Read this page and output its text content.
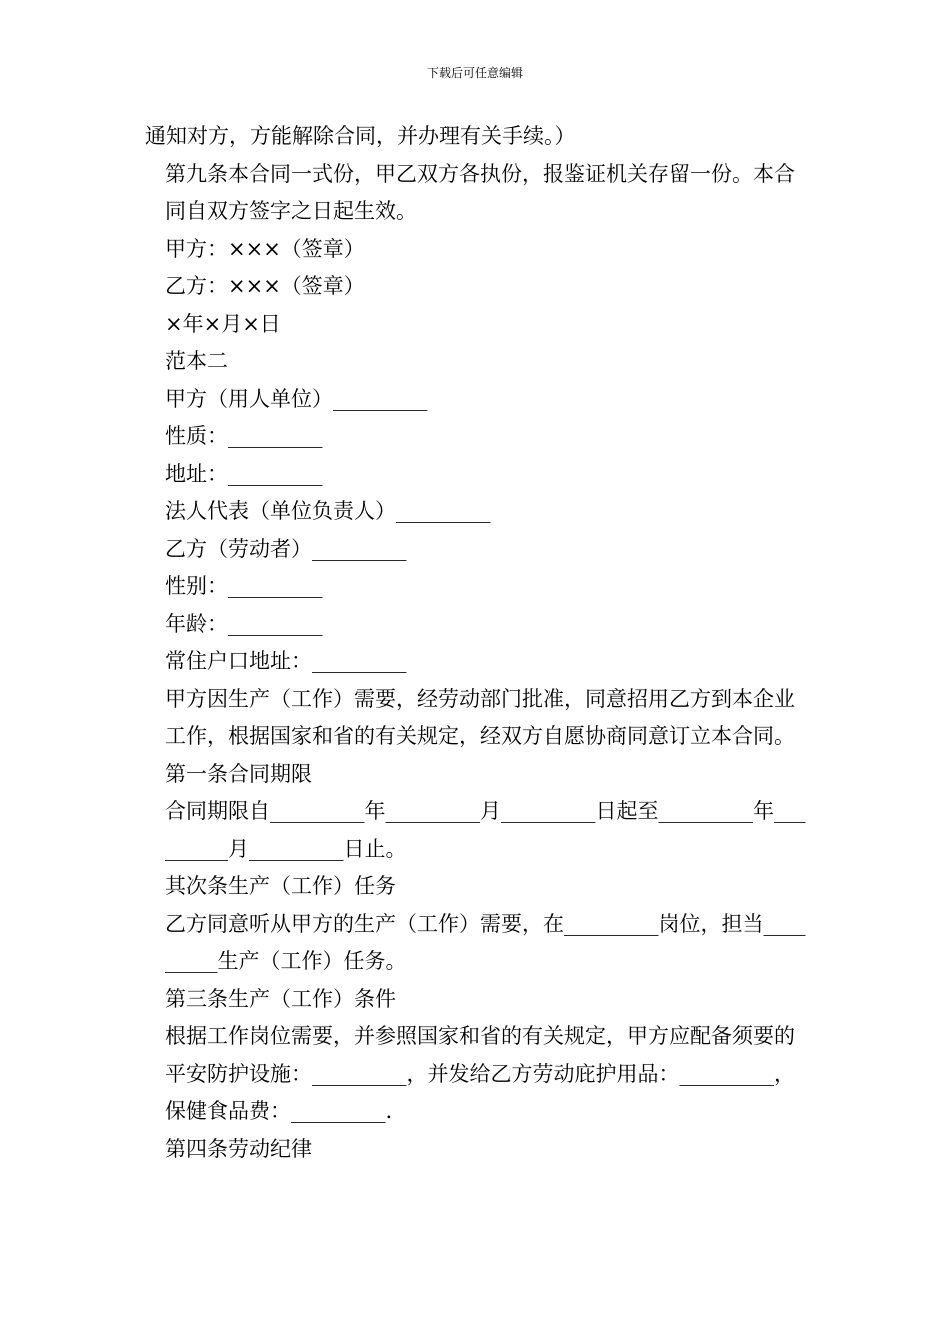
下载后可任意编辑

通知对方，方能解除合同，并办理有关手续。）

第九条本合同一式份，甲乙双方各执份，报鉴证机关存留一份。本合同自双方签字之日起生效。

甲方：×××（签章）

乙方：×××（签章）

×年×月×日

范本二

甲方（用人单位）_________

性质：_________

地址：_________

法人代表（单位负责人）_________

乙方（劳动者）_________

性别：_________

年龄：_________

常住户口地址：_________

甲方因生产（工作）需要，经劳动部门批准，同意招用乙方到本企业工作，根据国家和省的有关规定，经双方自愿协商同意订立本合同。

第一条合同期限

合同期限自_________年_________月_________日起至_________年_________月_________日止。

其次条生产（工作）任务

乙方同意听从甲方的生产（工作）需要，在_________岗位，担当_________生产（工作）任务。

第三条生产（工作）条件

根据工作岗位需要，并参照国家和省的有关规定，甲方应配备须要的平安防护设施：_________，并发给乙方劳动庇护用品：_________，保健食品费：_________.

第四条劳动纪律
